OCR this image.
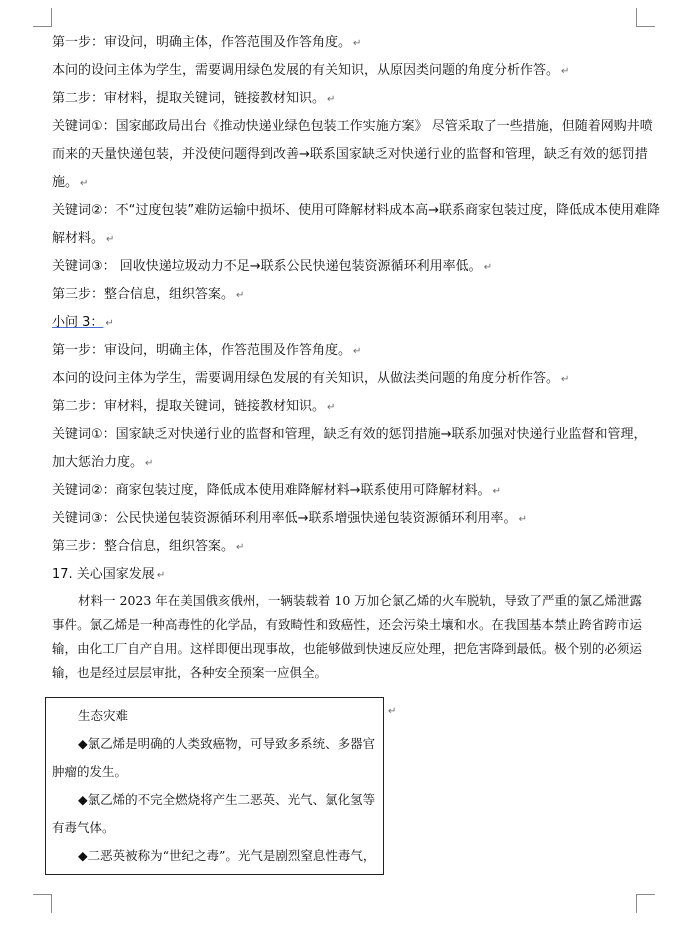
第一步：审设问，明确主体，作答范围及作答角度。 ↵
本问的设问主体为学生，需要调用绿色发展的有关知识，从原因类问题的角度分析作答。 ↵
第二步：审材料，提取关键词，链接教材知识。 ↵
关键词①：国家邮政局出台《推动快递业绿色包装工作实施方案》 尽管采取了一些措施，但随着网购井喷
而来的天量快递包装，并没使问题得到改善→联系国家缺乏对快递行业的监督和管理，缺乏有效的惩罚措
施。 ↵
关键词②：不“过度包装”难防运输中损坏、使用可降解材料成本高→联系商家包装过度，降低成本使用难降
解材料。 ↵
关键词③： 回收快递垃圾动力不足→联系公民快递包装资源循环利用率低。 ↵
第三步：整合信息，组织答案。 ↵
小问 3： ↵
第一步：审设问，明确主体，作答范围及作答角度。 ↵
本问的设问主体为学生，需要调用绿色发展的有关知识，从做法类问题的角度分析作答。 ↵
第二步：审材料，提取关键词，链接教材知识。 ↵
关键词①：国家缺乏对快递行业的监督和管理，缺乏有效的惩罚措施→联系加强对快递行业监督和管理，
加大惩治力度。 ↵
关键词②：商家包装过度，降低成本使用难降解材料→联系使用可降解材料。 ↵
关键词③：公民快递包装资源循环利用率低→联系增强快递包装资源循环利用率。 ↵
第三步：整合信息，组织答案。 ↵
17. 关心国家发展 ↵

材料一 2023 年在美国俄亥俄州，一辆装载着 10 万加仑氯乙烯的火车脱轨，导致了严重的氯乙烯泄露事件。氯乙烯是一种高毒性的化学品，有致畸性和致癌性，还会污染土壤和水。在我国基本禁止跨省跨市运输，由化工厂自产自用。这样即便出现事故，也能够做到快速反应处理，把危害降到最低。极个别的必须运输，也是经过层层审批，各种安全预案一应俱全。

生态灾难

◆氯乙烯是明确的人类致癌物，可导致多系统、多器官肿瘤的发生。

◆氯乙烯的不完全燃烧将产生二恶英、光气、氯化氢等有毒气体。

◆二恶英被称为“世纪之毒”。光气是剧烈窒息性毒气，

↵
